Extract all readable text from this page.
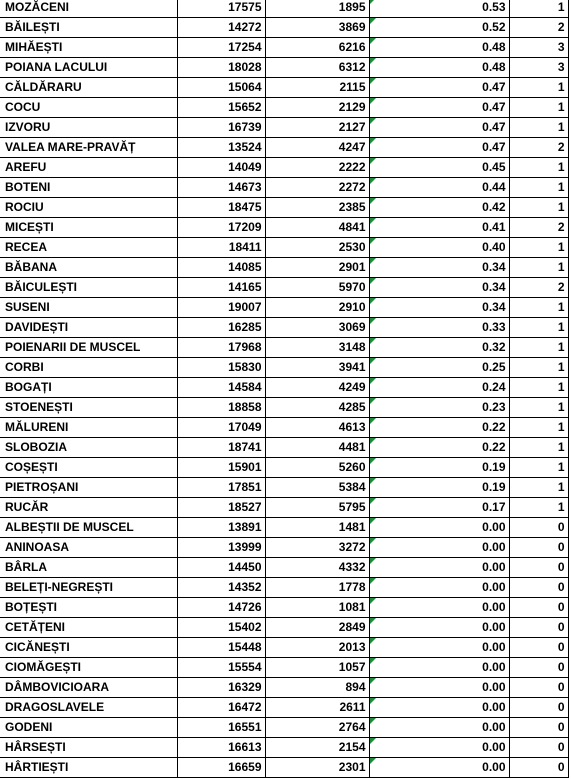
MOZĂCENI	17575	1895	0.53	1
BĂILEȘTI	14272	3869	0.52	2
MIHĂEȘTI	17254	6216	0.48	3
POIANA LACULUI	18028	6312	0.48	3
CĂLDĂRARU	15064	2115	0.47	1
COCU	15652	2129	0.47	1
IZVORU	16739	2127	0.47	1
VALEA MARE-PRAVĂȚ	13524	4247	0.47	2
AREFU	14049	2222	0.45	1
BOTENI	14673	2272	0.44	1
ROCIU	18475	2385	0.42	1
MICEȘTI	17209	4841	0.41	2
RECEA	18411	2530	0.40	1
BĂBANA	14085	2901	0.34	1
BĂICULEȘTI	14165	5970	0.34	2
SUSENI	19007	2910	0.34	1
DAVIDEȘTI	16285	3069	0.33	1
POIENARII DE MUSCEL	17968	3148	0.32	1
CORBI	15830	3941	0.25	1
BOGAȚI	14584	4249	0.24	1
STOENEȘTI	18858	4285	0.23	1
MĂLURENI	17049	4613	0.22	1
SLOBOZIA	18741	4481	0.22	1
COȘEȘTI	15901	5260	0.19	1
PIETROȘANI	17851	5384	0.19	1
RUCĂR	18527	5795	0.17	1
ALBEȘTII DE MUSCEL	13891	1481	0.00	0
ANINOASA	13999	3272	0.00	0
BÂRLA	14450	4332	0.00	0
BELEȚI-NEGREȘTI	14352	1778	0.00	0
BOȚEȘTI	14726	1081	0.00	0
CETĂȚENI	15402	2849	0.00	0
CICĂNEȘTI	15448	2013	0.00	0
CIOMĂGEȘTI	15554	1057	0.00	0
DÂMBOVICIOARA	16329	894	0.00	0
DRAGOSLAVELE	16472	2611	0.00	0
GODENI	16551	2764	0.00	0
HÂRSEȘTI	16613	2154	0.00	0
HÂRTIEȘTI	16659	2301	0.00	0
